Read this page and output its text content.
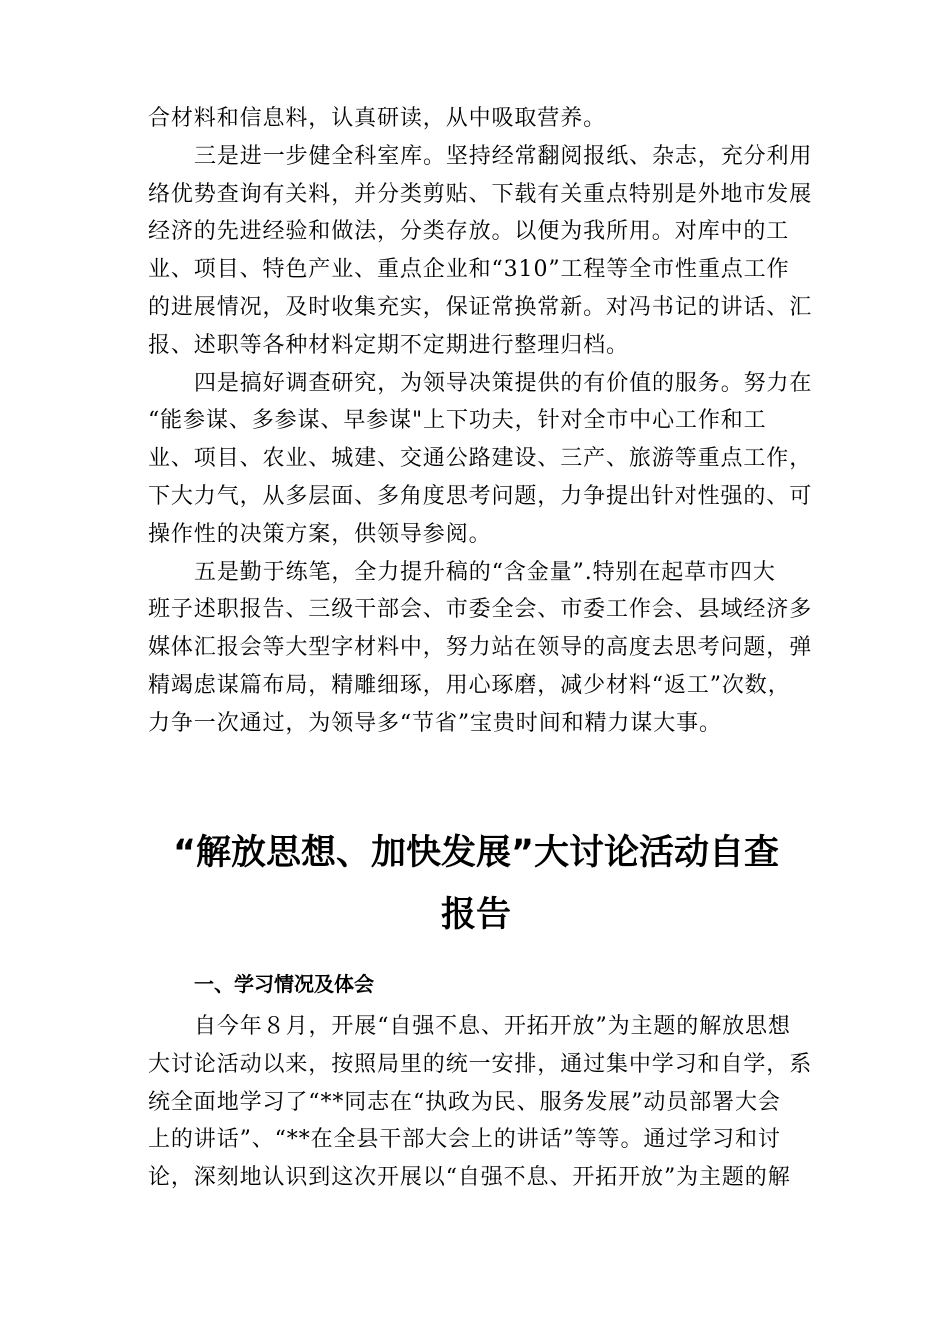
合材料和信息料，认真研读，从中吸取营养。
三是进一步健全科室库。坚持经常翻阅报纸、杂志，充分利用
络优势查询有关料，并分类剪贴、下载有关重点特别是外地市发展
经济的先进经验和做法，分类存放。以便为我所用。对库中的工
业、项目、特色产业、重点企业和“310”工程等全市性重点工作
的进展情况，及时收集充实，保证常换常新。对冯书记的讲话、汇
报、述职等各种材料定期不定期进行整理归档。
四是搞好调查研究，为领导决策提供的有价值的服务。努力在
“能参谋、多参谋、早参谋"上下功夫，针对全市中心工作和工
业、项目、农业、城建、交通公路建设、三产、旅游等重点工作，
下大力气，从多层面、多角度思考问题，力争提出针对性强的、可
操作性的决策方案，供领导参阅。
五是勤于练笔，全力提升稿的“含金量”.特别在起草市四大
班子述职报告、三级干部会、市委全会、市委工作会、县域经济多
媒体汇报会等大型字材料中，努力站在领导的高度去思考问题，弹
精竭虑谋篇布局，精雕细琢，用心琢磨，减少材料“返工”次数，
力争一次通过，为领导多“节省”宝贵时间和精力谋大事。
“解放思想、加快发展”大讨论活动自查
报告
一、学习情况及体会
自今年８月，开展“自强不息、开拓开放”为主题的解放思想
大讨论活动以来，按照局里的统一安排，通过集中学习和自学，系
统全面地学习了“**同志在“执政为民、服务发展”动员部署大会
上的讲话”、“**在全县干部大会上的讲话”等等。通过学习和讨
论，深刻地认识到这次开展以“自强不息、开拓开放”为主题的解
